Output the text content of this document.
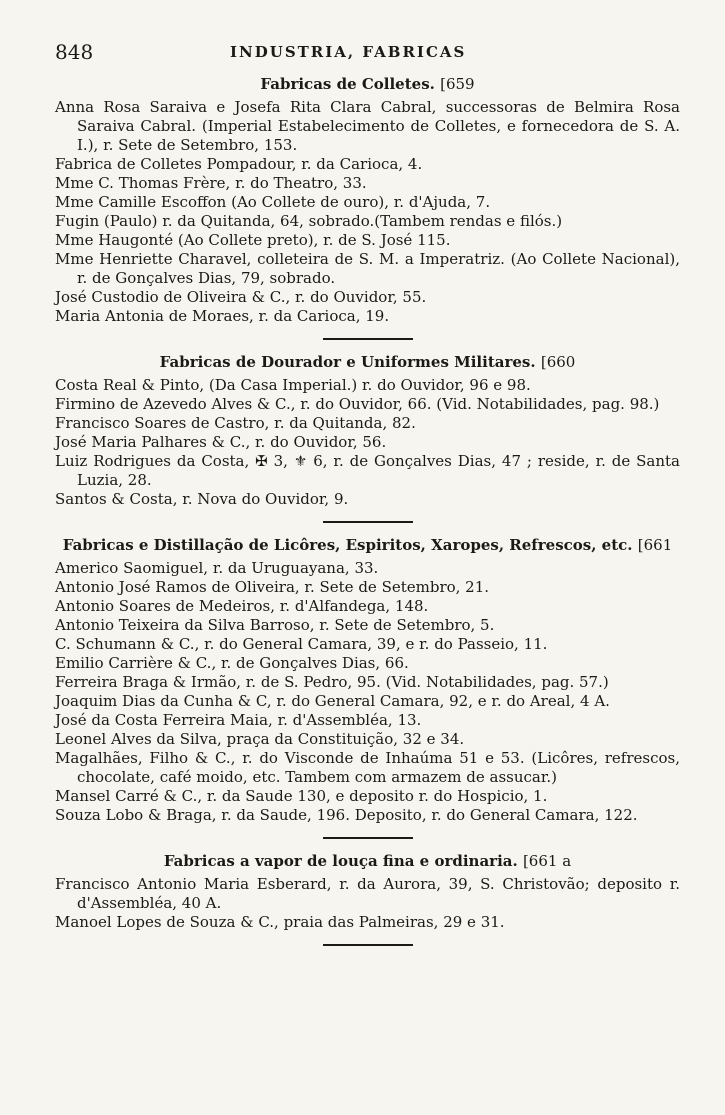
848	INDUSTRIA, FABRICAS

Fabricas de Colletes. [659

Anna Rosa Saraiva e Josefa Rita Clara Cabral, successoras de Belmira Rosa Saraiva Cabral. (Imperial Estabelecimento de Colletes, e fornecedora de S. A. I.), r. Sete de Setembro, 153.
Fabrica de Colletes Pompadour, r. da Carioca, 4.
Mme C. Thomas Frère, r. do Theatro, 33.
Mme Camille Escoffon (Ao Collete de ouro), r. d'Ajuda, 7.
Fugin (Paulo) r. da Quitanda, 64, sobrado.(Tambem rendas e filós.)
Mme Haugonté (Ao Collete preto), r. de S. José 115.
Mme Henriette Charavel, colleteira de S. M. a Imperatriz. (Ao Collete Nacional), r. de Gonçalves Dias, 79, sobrado.
José Custodio de Oliveira & C., r. do Ouvidor, 55.
Maria Antonia de Moraes, r. da Carioca, 19.

Fabricas de Dourador e Uniformes Militares. [660

Costa Real & Pinto, (Da Casa Imperial.) r. do Ouvidor, 96 e 98.
Firmino de Azevedo Alves & C., r. do Ouvidor, 66. (Vid. Notabilidades, pag. 98.)
Francisco Soares de Castro, r. da Quitanda, 82.
José Maria Palhares & C., r. do Ouvidor, 56.
Luiz Rodrigues da Costa, ✠ 3, ⚜ 6, r. de Gonçalves Dias, 47 ; reside, r. de Santa Luzia, 28.
Santos & Costa, r. Nova do Ouvidor, 9.

Fabricas e Distillação de Licôres, Espiritos, Xaropes, Refrescos, etc. [661

Americo Saomiguel, r. da Uruguayana, 33.
Antonio José Ramos de Oliveira, r. Sete de Setembro, 21.
Antonio Soares de Medeiros, r. d'Alfandega, 148.
Antonio Teixeira da Silva Barroso, r. Sete de Setembro, 5.
C. Schumann & C., r. do General Camara, 39, e r. do Passeio, 11.
Emilio Carrière & C., r. de Gonçalves Dias, 66.
Ferreira Braga & Irmão, r. de S. Pedro, 95. (Vid. Notabilidades, pag. 57.)
Joaquim Dias da Cunha & C, r. do General Camara, 92, e r. do Areal, 4 A.
José da Costa Ferreira Maia, r. d'Assembléa, 13.
Leonel Alves da Silva, praça da Constituição, 32 e 34.
Magalhães, Filho & C., r. do Visconde de Inhaúma 51 e 53. (Licôres, refrescos, chocolate, café moido, etc. Tambem com armazem de assucar.)
Mansel Carré & C., r. da Saude 130, e deposito r. do Hospicio, 1.
Souza Lobo & Braga, r. da Saude, 196. Deposito, r. do General Camara, 122.

Fabricas a vapor de louça fina e ordinaria. [661 a

Francisco Antonio Maria Esberard, r. da Aurora, 39, S. Christovão; deposito r. d'Assembléa, 40 A.
Manoel Lopes de Souza & C., praia das Palmeiras, 29 e 31.
